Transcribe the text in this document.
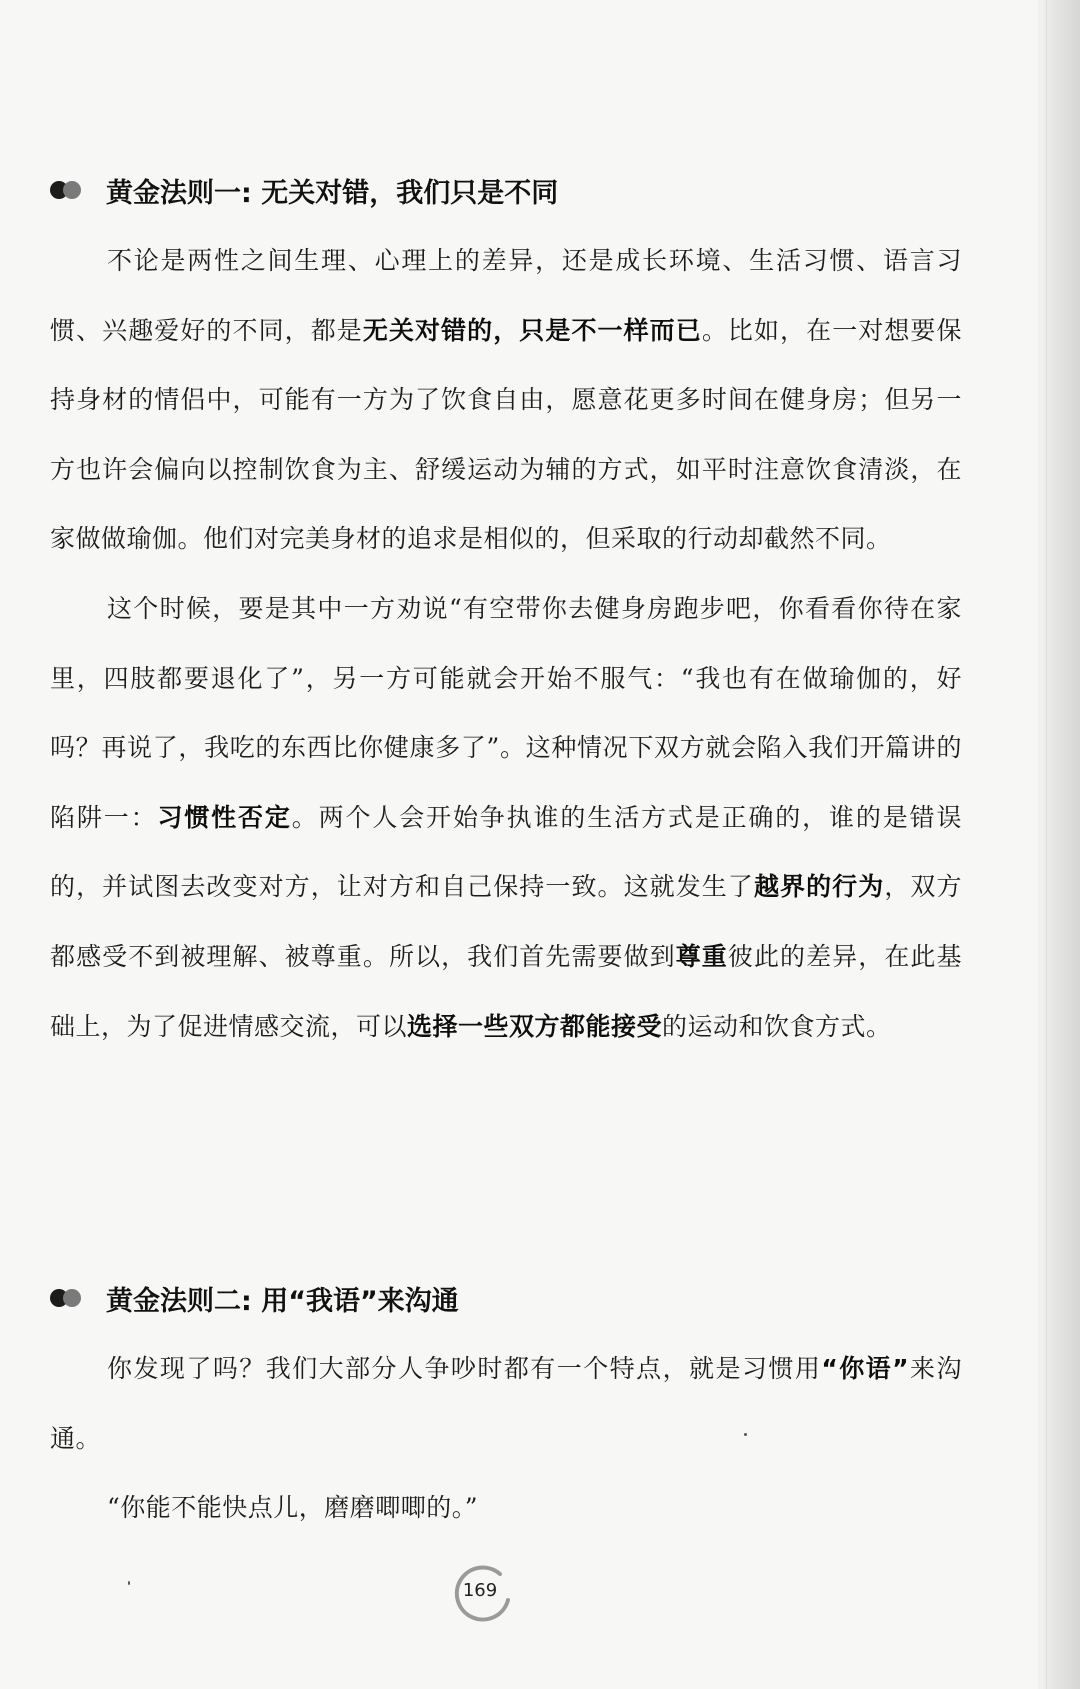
黄金法则一: 无关对错，我们只是不同

不论是两性之间生理、心理上的差异，还是成长环境、生活习惯、语言习惯、兴趣爱好的不同，都是无关对错的，只是不一样而已。比如，在一对想要保持身材的情侣中，可能有一方为了饮食自由，愿意花更多时间在健身房；但另一方也许会偏向以控制饮食为主、舒缓运动为辅的方式，如平时注意饮食清淡，在家做做瑜伽。他们对完美身材的追求是相似的，但采取的行动却截然不同。

这个时候，要是其中一方劝说“有空带你去健身房跑步吧，你看看你待在家里，四肢都要退化了”，另一方可能就会开始不服气：“我也有在做瑜伽的，好吗？再说了，我吃的东西比你健康多了”。这种情况下双方就会陷入我们开篇讲的陷阱一：习惯性否定。两个人会开始争执谁的生活方式是正确的，谁的是错误的，并试图去改变对方，让对方和自己保持一致。这就发生了越界的行为，双方都感受不到被理解、被尊重。所以，我们首先需要做到尊重彼此的差异，在此基础上，为了促进情感交流，可以选择一些双方都能接受的运动和饮食方式。

黄金法则二: 用“我语”来沟通

你发现了吗？我们大部分人争吵时都有一个特点，就是习惯用“你语”来沟通。

“你能不能快点儿，磨磨唧唧的。”

169
